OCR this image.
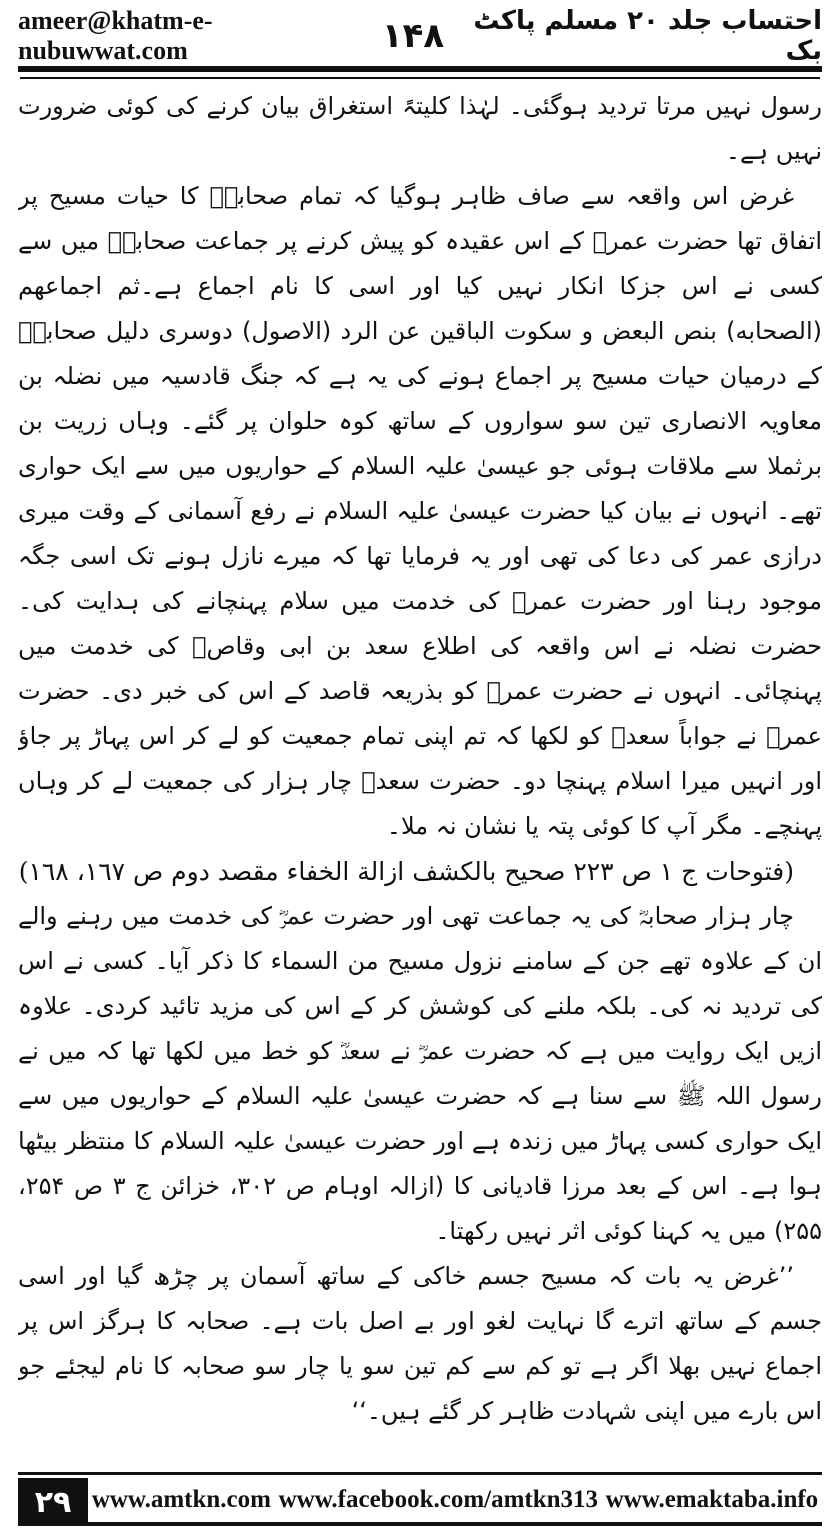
ameer@khatm-e-nubuwwat.com	۱۴۸	احتساب جلد ۲۰ مسلم پاکٹ بک

رسول نہیں مرتا تردید ہوگئی۔ لہٰذا کلیتہً استغراق بیان کرنے کی کوئی ضرورت نہیں ہے۔

غرض اس واقعہ سے صاف ظاہر ہوگیا کہ تمام صحابہؓ کا حیات مسیح پر اتفاق تھا حضرت عمرؓ کے اس عقیدہ کو پیش کرنے پر جماعت صحابہؓ میں سے کسی نے اس جزکا انکار نہیں کیا اور اسی کا نام اجماع ہے۔ثم اجماعهم (الصحابه) بنص البعض و سكوت الباقين عن الرد (الاصول) دوسری دلیل صحابہؓ کے درمیان حیات مسیح پر اجماع ہونے کی یہ ہے کہ جنگ قادسیہ میں نضلہ بن معاویہ الانصاری تین سو سواروں کے ساتھ کوہ حلوان پر گئے۔ وہاں زریت بن برثملا سے ملاقات ہوئی جو عیسیٰ علیہ السلام کے حواریوں میں سے ایک حواری تھے۔ انہوں نے بیان کیا حضرت عیسیٰ علیہ السلام نے رفع آسمانی کے وقت میری درازی عمر کی دعا کی تھی اور یہ فرمایا تھا کہ میرے نازل ہونے تک اسی جگہ موجود رہنا اور حضرت عمرؓ کی خدمت میں سلام پہنچانے کی ہدایت کی۔ حضرت نضلہ نے اس واقعہ کی اطلاع سعد بن ابی وقاصؓ کی خدمت میں پہنچائی۔ انہوں نے حضرت عمرؓ کو بذریعہ قاصد کے اس کی خبر دی۔ حضرت عمرؓ نے جواباً سعدؓ کو لکھا کہ تم اپنی تمام جمعیت کو لے کر اس پہاڑ پر جاؤ اور انہیں میرا اسلام پہنچا دو۔ حضرت سعدؓ چار ہزار کی جمعیت لے کر وہاں پہنچے۔ مگر آپ کا کوئی پتہ یا نشان نہ ملا۔

(فتوحات ج ۱ ص ۲۲۳ صحیح بالکشف ازالة الخفاء مقصد دوم ص ١٦٧، ١٦٨)

چار ہزار صحابہؓ کی یہ جماعت تھی اور حضرت عمرؓ کی خدمت میں رہنے والے ان کے علاوہ تھے جن کے سامنے نزول مسیح من السماء کا ذکر آیا۔ کسی نے اس کی تردید نہ کی۔ بلکہ ملنے کی کوشش کر کے اس کی مزید تائید کردی۔ علاوہ ازیں ایک روایت میں ہے کہ حضرت عمرؓ نے سعدؓ کو خط میں لکھا تھا کہ میں نے رسول اللہ ﷺ سے سنا ہے کہ حضرت عیسیٰ علیہ السلام کے حواریوں میں سے ایک حواری کسی پہاڑ میں زندہ ہے اور حضرت عیسیٰ علیہ السلام کا منتظر بیٹھا ہوا ہے۔ اس کے بعد مرزا قادیانی کا (ازالہ اوہام ص ۳۰۲، خزائن ج ۳ ص ۲۵۴، ۲۵۵) میں یہ کہنا کوئی اثر نہیں رکھتا۔

’’غرض یہ بات کہ مسیح جسم خاکی کے ساتھ آسمان پر چڑھ گیا اور اسی جسم کے ساتھ اترے گا نہایت لغو اور بے اصل بات ہے۔ صحابہ کا ہرگز اس پر اجماع نہیں بھلا اگر ہے تو کم سے کم تین سو یا چار سو صحابہ کا نام لیجئے جو اس بارے میں اپنی شہادت ظاہر کر گئے ہیں۔‘‘

۲۹ www.amtkn.com www.facebook.com/amtkn313 www.emaktaba.info
